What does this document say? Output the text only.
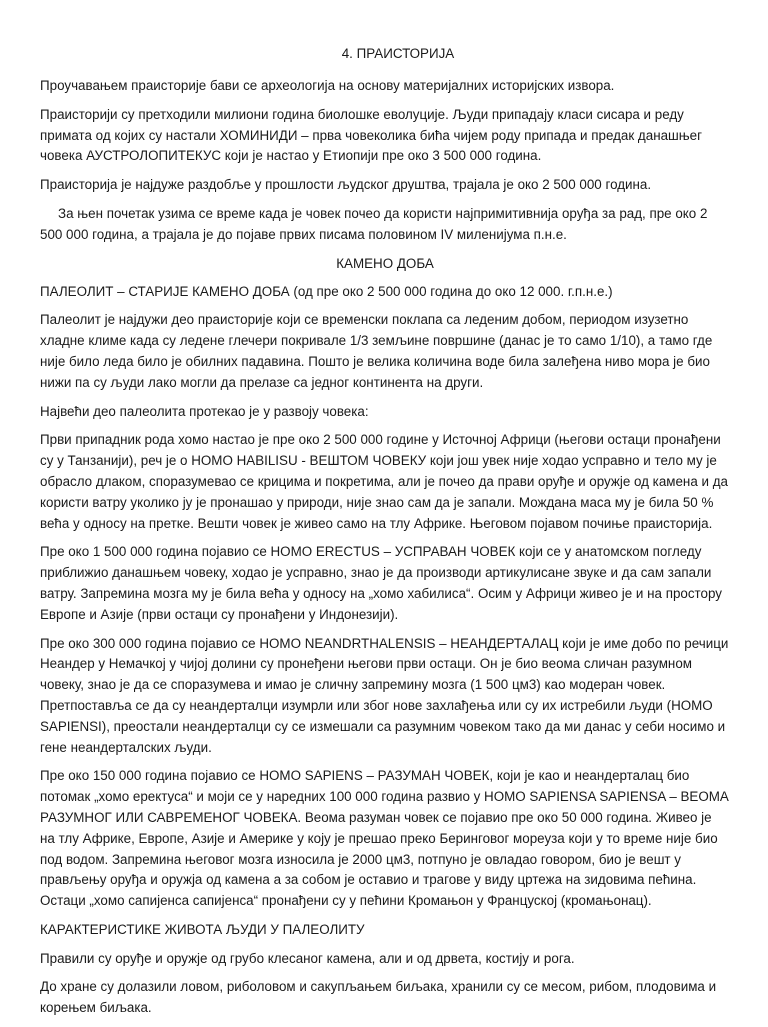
4. ПРАИСТОРИЈА

Проучавањем праисторије бави се археологија на основу материјалних историјских извора.

Праисторији су претходили милиони година биолошке еволуције. Људи припадају класи сисара и реду примата од којих су настали ХОМИНИДИ – прва човеколика бића чијем роду припада и предак данашњег човека АУСТРОЛОПИТЕКУС који је настао у Етиопији пре око 3 500 000 година.

Праисторија је најдуже раздобље у прошлости људског друштва, трајала је око 2 500 000 година.

За њен почетак узима се време када је човек почео да користи најпримитивнија оруђа за рад, пре око 2 500 000 година, а трајала је до појаве првих писама половином IV миленијума п.н.е.

КАМЕНО ДОБА

ПАЛЕОЛИТ – СТАРИЈЕ КАМЕНО ДОБА (од пре око 2 500 000 година до око 12 000. г.п.н.е.)

Палеолит је најдужи део праисторије који се временски поклапа са леденим добом, периодом изузетно хладне климе када су ледене глечери покривале 1/3 земљине површине (данас је то само 1/10), а тамо где није било леда било је обилних падавина. Пошто је велика количина воде била залеђена ниво мора је био нижи па су људи лако могли да прелазе са једног континента на други.

Највећи део палеолита протекао је у развоју човека:

Први припадник рода хомо настао је пре око 2 500 000 године у Источној Африци (његови остаци пронађени су у Танзанији), реч је о HOMO HABILISU - ВЕШТОМ ЧОВЕКУ који још увек није ходао усправно и тело му је обрасло длаком, споразумевао се крицима и покретима, али је почео да прави оруђе и оружје од камена и да користи ватру уколико ју је пронашао у природи, није знао сам да је запали. Мождана маса му је била 50 % већа у односу на претке. Вешти човек је живео само на тлу Африке. Његовом појавом почиње праисторија.

Пре око 1 500 000 година појавио се HOMO ERECTUS – УСПРАВАН ЧОВЕК који се у анатомском погледу приближио данашњем човеку, ходао је усправно, знао је да производи артикулисане звуке и да сам запали ватру. Запремина мозга му је била већа у односу на „хомо хабилиса“. Осим у Африци живео је и на простору Европе и Азије (први остаци су пронађени у Индонезији).

Пре око 300 000 година појавио се HOMO NEANDRTHALENSIS – НЕАНДЕРТАЛАЦ који је име добо по речици Неандер у Немачкој у чијој долини су пронеђени његови први остаци. Он је био веома сличан разумном човеку, знао је да се споразумева и имао је сличну запремину мозга (1 500 цм3) као модеран човек. Претпоставља се да су неандерталци изумрли или због нове захлађења или су их истребили људи (HOMO SAPIENSI), преостали неандерталци су се измешали са разумним човеком тако да ми данас у себи носимо и гене неандерталских људи.

Пре око 150 000 година појавио се HOMO SAPIENS – РАЗУМАН ЧОВЕК, који је као и неандерталац био потомак „хомо еректуса“ и моји се у наредних 100 000 година развио у HOMO SAPIENSA SAPIENSA – ВЕОМА РАЗУМНОГ ИЛИ САВРЕМЕНОГ ЧОВЕКА. Веома разуман човек се појавио пре око 50 000 година. Живео је на тлу Африке, Европе, Азије и Америке у коју је прешао преко Беринговог мореуза који у то време није био под водом. Запремина његовог мозга износила је 2000 цм3, потпуно је овладао говором, био је вешт у прављењу оруђа и оружја од камена а за собом је оставио и трагове у виду цртежа на зидовима пећина. Остаци „хомо сапијенса сапијенса“ пронађени су у пећини Кромањон у Француској (кромањонац).

КАРАКТЕРИСТИКЕ ЖИВОТА ЉУДИ У ПАЛЕОЛИТУ

Правили су оруђе и оружје од грубо клесаног камена, али и од дрвета, костију и рога.

До хране су долазили ловом, риболовом и сакупљањем биљака, хранили су се месом, рибом, плодовима и корењем биљака.
